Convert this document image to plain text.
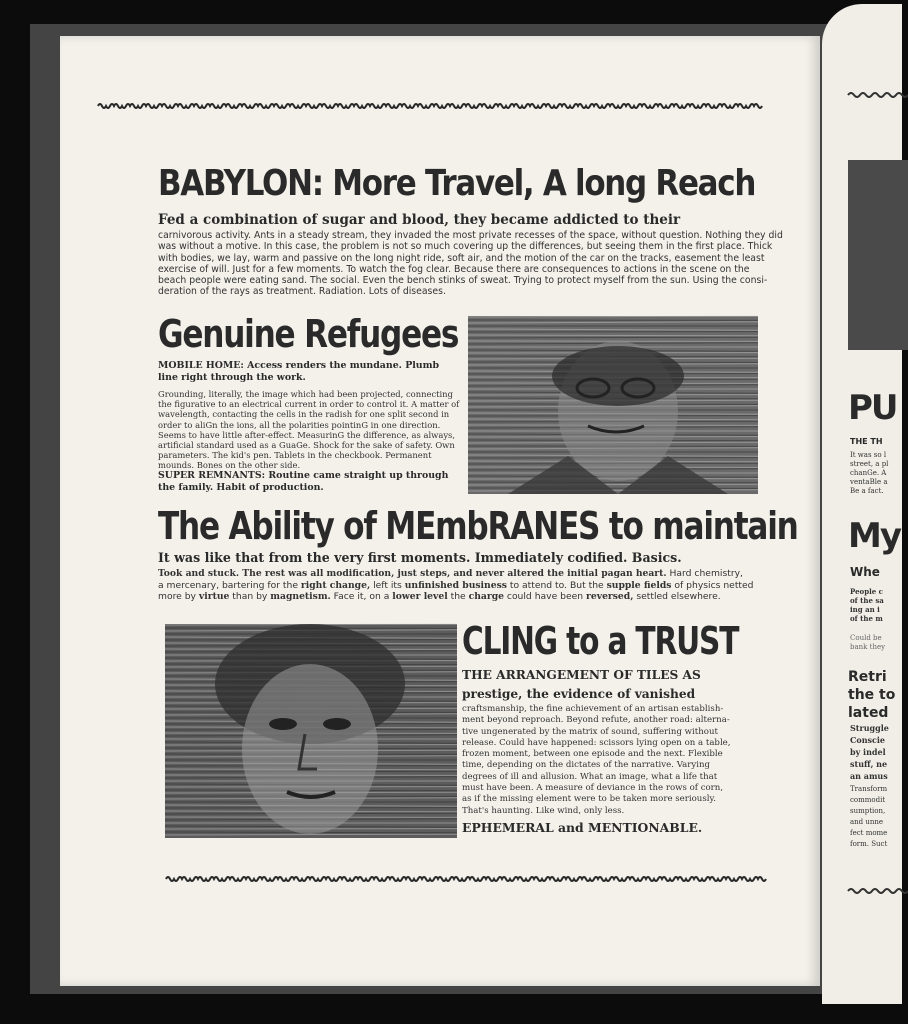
PU
THE TH
It was so l
street, a pl
chanGe. A
ventaBle a
Be a fact.
My
Whe
People c
of the sa
ing an i
of the m
Could be
bank they
Retri
the to
lated
Struggle
Conscie
by indel
stuff, ne
an amus
Transform
commodit
sumption,
and unne
fect mome
form. Suct
BABYLON: More Travel, A long Reach
Fed a combination of sugar and blood, they became addicted to their
carnivorous activity. Ants in a steady stream, they invaded the most private recesses of the space, without question. Nothing they did
was without a motive. In this case, the problem is not so much covering up the differences, but seeing them in the first place. Thick
with bodies, we lay, warm and passive on the long night ride, soft air, and the motion of the car on the tracks, easement the least
exercise of will. Just for a few moments. To watch the fog clear. Because there are consequences to actions in the scene on the
beach people were eating sand. The social. Even the bench stinks of sweat. Trying to protect myself from the sun. Using the consi-
deration of the rays as treatment. Radiation. Lots of diseases.
Genuine Refugees
MOBILE HOME: Access renders the mundane. Plumb
line right through the work.
Grounding, literally, the image which had been projected, connecting
the figurative to an electrical current in order to control it. A matter of
wavelength, contacting the cells in the radish for one split second in
order to aliGn the ions, all the polarities pointinG in one direction.
Seems to have little after-effect. MeasurinG the difference, as always,
artificial standard used as a GuaGe. Shock for the sake of safety. Own
parameters. The kid's pen. Tablets in the checkbook. Permanent
mounds. Bones on the other side.
SUPER REMNANTS: Routine came straight up through
the family. Habit of production.
The Ability of MEmbRANES to maintain
It was like that from the very first moments. Immediately codified. Basics.
Took and stuck. The rest was all modification, just steps, and never altered the initial pagan heart. Hard chemistry,
a mercenary, bartering for the right change, left its unfinished business to attend to. But the supple fields of physics netted
more by virtue than by magnetism. Face it, on a lower level the charge could have been reversed, settled elsewhere.
CLING to a TRUST
THE ARRANGEMENT OF TILES AS
prestige, the evidence of vanished
craftsmanship, the fine achievement of an artisan establish-
ment beyond reproach. Beyond refute, another road: alterna-
tive ungenerated by the matrix of sound, suffering without
release. Could have happened: scissors lying open on a table,
frozen moment, between one episode and the next. Flexible
time, depending on the dictates of the narrative. Varying
degrees of ill and allusion. What an image, what a life that
must have been. A measure of deviance in the rows of corn,
as if the missing element were to be taken more seriously.
That's haunting. Like wind, only less.
EPHEMERAL and MENTIONABLE.
